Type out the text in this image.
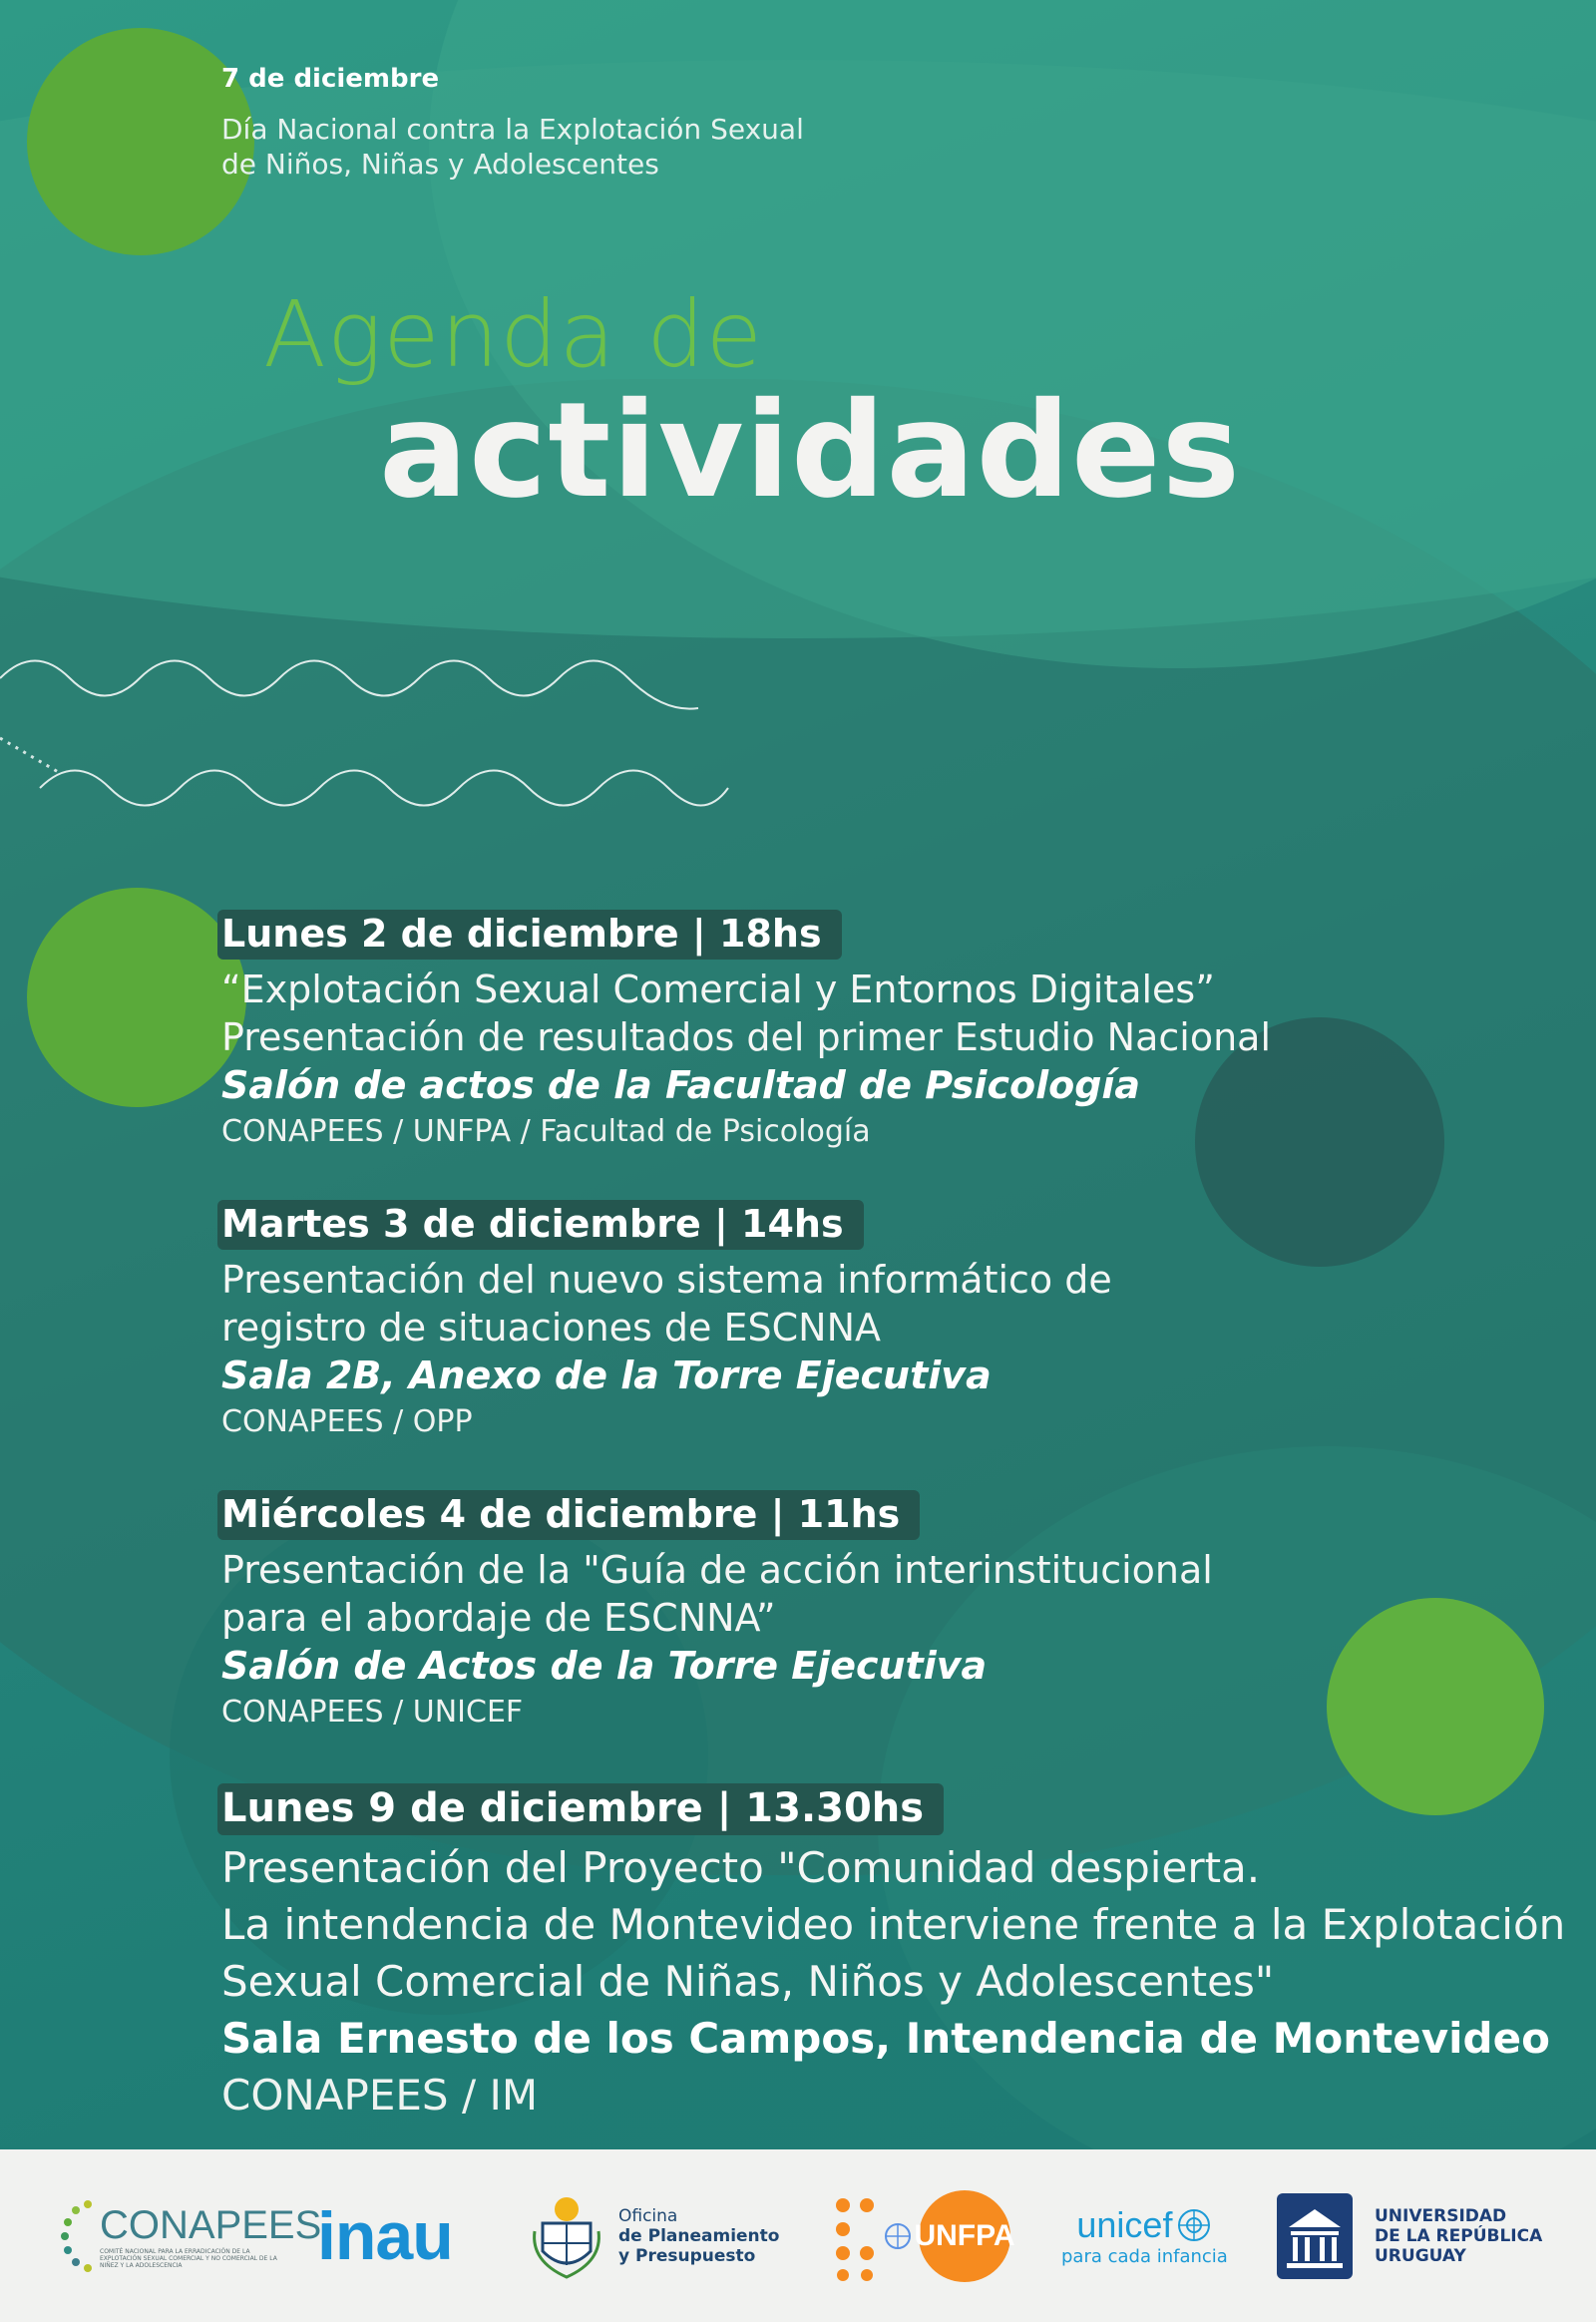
7 de diciembre
Día Nacional contra la Explotación Sexual
de Niños, Niñas y Adolescentes
Agenda de
actividades
Lunes 2 de diciembre | 18hs
“Explotación Sexual Comercial y Entornos Digitales”
Presentación de resultados del primer Estudio Nacional
Salón de actos de la Facultad de Psicología
CONAPEES / UNFPA / Facultad de Psicología
Martes 3 de diciembre | 14hs
Presentación del nuevo sistema informático de
registro de situaciones de ESCNNA
Sala 2B, Anexo de la Torre Ejecutiva
CONAPEES / OPP
Miércoles 4 de diciembre | 11hs
Presentación de la "Guía de acción interinstitucional
para el abordaje de ESCNNA”
Salón de Actos de la Torre Ejecutiva
CONAPEES / UNICEF
Lunes 9 de diciembre | 13.30hs
Presentación del Proyecto "Comunidad despierta.
La intendencia de Montevideo interviene frente a la Explotación
Sexual Comercial de Niñas, Niños y Adolescentes"
Sala Ernesto de los Campos, Intendencia de Montevideo
CONAPEES / IM
CONAPEES
COMITÉ NACIONAL PARA LA ERRADICACIÓN DE LA EXPLOTACIÓN SEXUAL COMERCIAL Y NO COMERCIAL DE LA NIÑEZ Y LA ADOLESCENCIA	inau	Oficina
de Planeamiento
y Presupuesto
UNFPA unicef
para cada infancia
UNIVERSIDAD
DE LA REPÚBLICA
URUGUAY
